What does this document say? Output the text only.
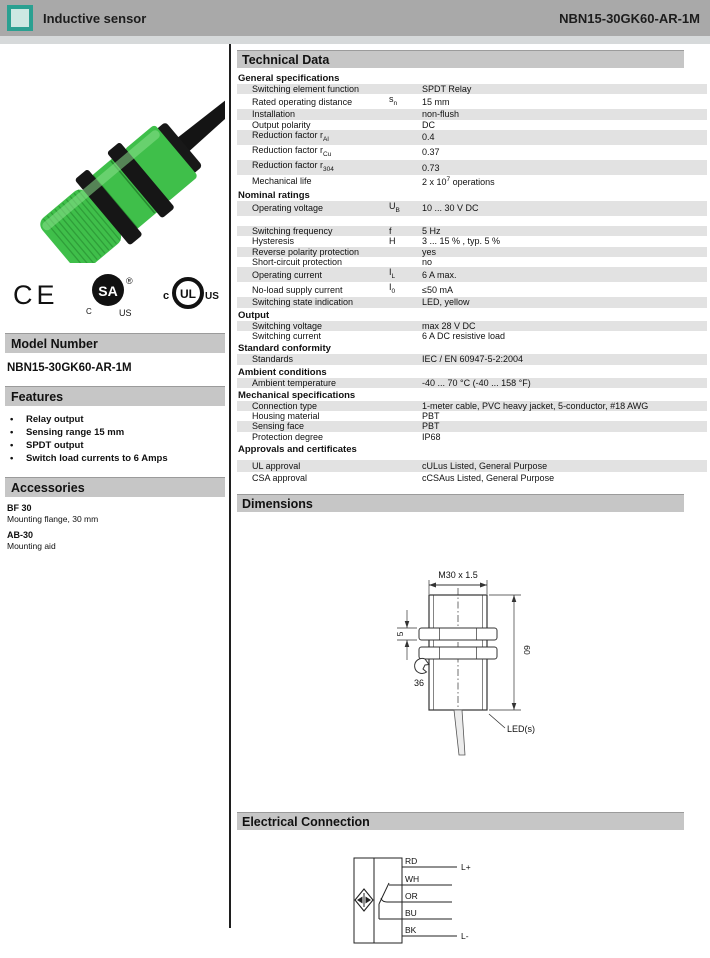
Inductive sensor	NBN15-30GK60-AR-1M
CE	SA
®
C	US
UL
c	US
Model Number
NBN15-30GK60-AR-1M
Features
•	Relay output
•	Sensing range 15 mm
•	SPDT output
•	Switch load currents to 6 Amps
Accessories
BF 30
Mounting flange, 30 mm
AB-30
Mounting aid
Technical Data
General specifications
Switching element function	SPDT Relay
Rated operating distance	$s_n$	15 mm
Installation	non-flush
Output polarity	DC
Reduction factor $r_{Al}$	0.4
Reduction factor $r_{Cu}$	0.37
Reduction factor $r_{304}$	0.73
Mechanical life	2 x $10^7$ operations
Nominal ratings
Operating voltage	$U_B$	10 ... 30 V DC
Switching frequency	f	5 Hz
Hysteresis	H	3 ... 15 % , typ. 5 %
Reverse polarity protection	yes
Short-circuit protection	no
Operating current	$I_L$	6 A max.
No-load supply current	$I_0$	≤50 mA
Switching state indication	LED, yellow
Output
Switching voltage	max 28 V DC
Switching current	6 A DC resistive load
Standard conformity
Standards	IEC / EN 60947-5-2:2004
Ambient conditions
Ambient temperature	-40 ... 70 °C (-40 ... 158 °F)
Mechanical specifications
Connection type	1-meter cable, PVC heavy jacket, 5-conductor, #18 AWG
Housing material	PBT
Sensing face	PBT
Protection degree	IP68
Approvals and certificates
UL approval	cULus Listed, General Purpose
CSA approval	cCSAus Listed, General Purpose
Dimensions
M30 x 1.5
5
36
60
LED(s)
Electrical Connection
RD
WH
OR
BU
BK
L+
L-
